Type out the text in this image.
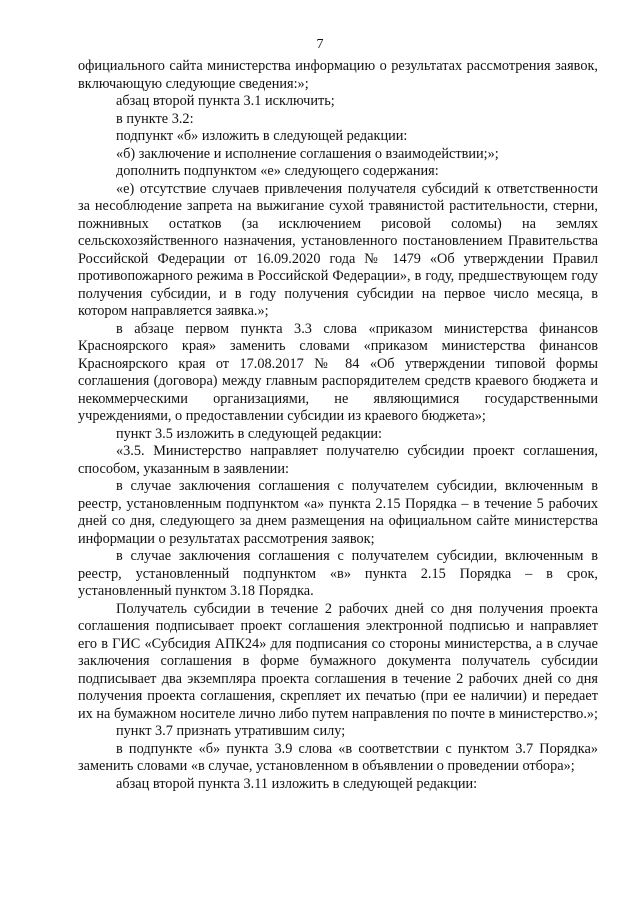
7

официального сайта министерства информацию о результатах рассмотрения заявок, включающую следующие сведения:»;

абзац второй пункта 3.1 исключить;

в пункте 3.2:

подпункт «б» изложить в следующей редакции:

«б) заключение и исполнение соглашения о взаимодействии;»;

дополнить подпунктом «е» следующего содержания:

«е) отсутствие случаев привлечения получателя субсидий к ответственности за несоблюдение запрета на выжигание сухой травянистой растительности, стерни, пожнивных остатков (за исключением рисовой соломы) на землях сельскохозяйственного назначения, установленного постановлением Правительства Российской Федерации от 16.09.2020 года № 1479 «Об утверждении Правил противопожарного режима в Российской Федерации», в году, предшествующем году получения субсидии, и в году получения субсидии на первое число месяца, в котором направляется заявка.»;

в абзаце первом пункта 3.3 слова «приказом министерства финансов Красноярского края» заменить словами «приказом министерства финансов Красноярского края от 17.08.2017 № 84 «Об утверждении типовой формы соглашения (договора) между главным распорядителем средств краевого бюджета и некоммерческими организациями, не являющимися государственными учреждениями, о предоставлении субсидии из краевого бюджета»;

пункт 3.5 изложить в следующей редакции:

«3.5. Министерство направляет получателю субсидии проект соглашения, способом, указанным в заявлении:

в случае заключения соглашения с получателем субсидии, включенным в реестр, установленным подпунктом «а» пункта 2.15 Порядка – в течение 5 рабочих дней со дня, следующего за днем размещения на официальном сайте министерства информации о результатах рассмотрения заявок;

в случае заключения соглашения с получателем субсидии, включенным в реестр, установленный подпунктом «в» пункта 2.15 Порядка – в срок, установленный пунктом 3.18 Порядка.

Получатель субсидии в течение 2 рабочих дней со дня получения проекта соглашения подписывает проект соглашения электронной подписью и направляет его в ГИС «Субсидия АПК24» для подписания со стороны министерства, а в случае заключения соглашения в форме бумажного документа получатель субсидии подписывает два экземпляра проекта соглашения в течение 2 рабочих дней со дня получения проекта соглашения, скрепляет их печатью (при ее наличии) и передает их на бумажном носителе лично либо путем направления по почте в министерство.»;

пункт 3.7 признать утратившим силу;

в подпункте «б» пункта 3.9 слова «в соответствии с пунктом 3.7 Порядка» заменить словами «в случае, установленном в объявлении о проведении отбора»;

абзац второй пункта 3.11 изложить в следующей редакции:
